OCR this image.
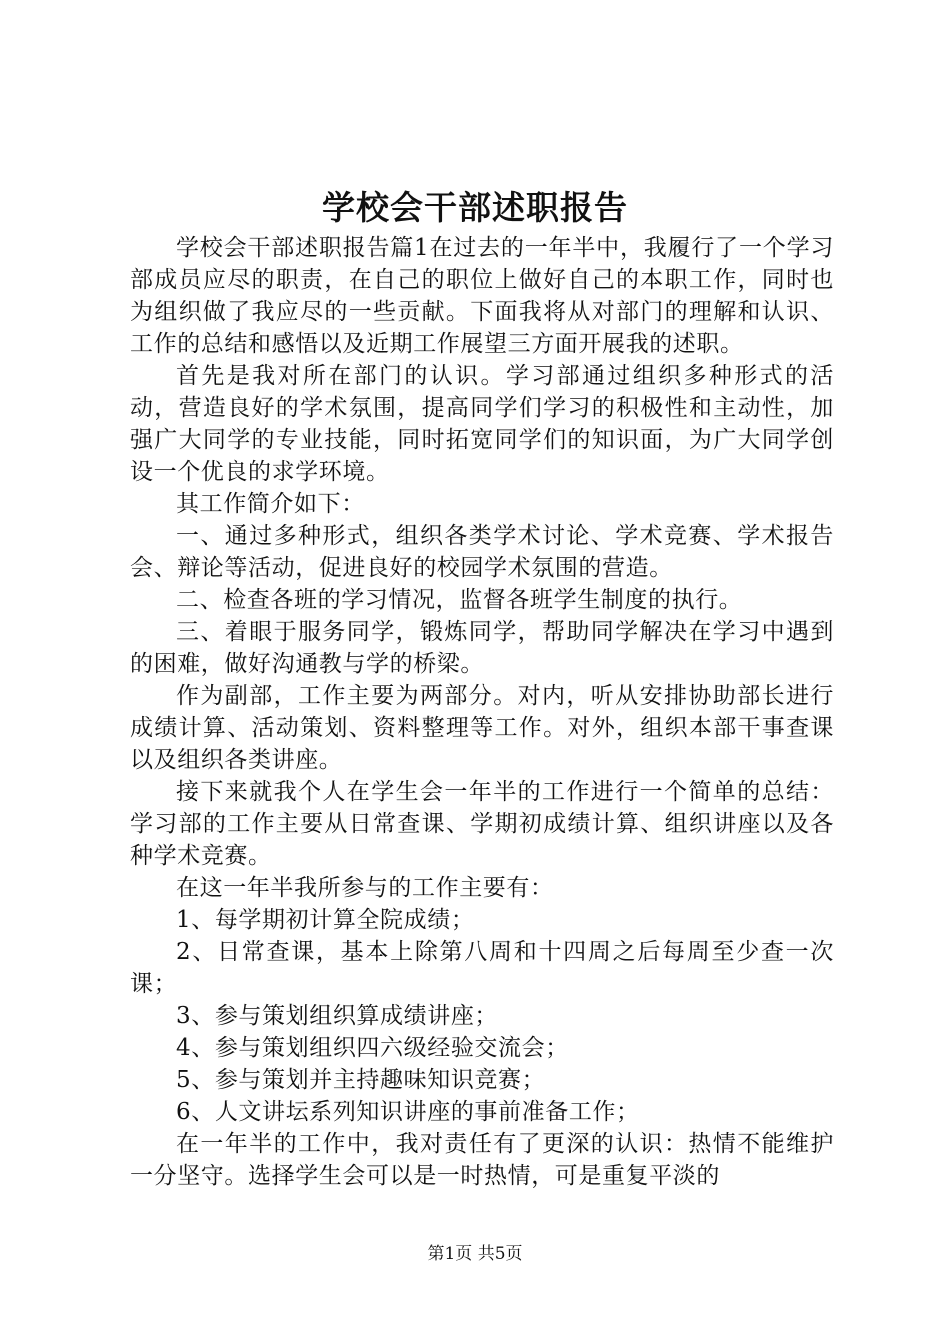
学校会干部述职报告

学校会干部述职报告篇1在过去的一年半中，我履行了一个学习部成员应尽的职责，在自己的职位上做好自己的本职工作，同时也为组织做了我应尽的一些贡献。下面我将从对部门的理解和认识、工作的总结和感悟以及近期工作展望三方面开展我的述职。

首先是我对所在部门的认识。学习部通过组织多种形式的活动，营造良好的学术氛围，提高同学们学习的积极性和主动性，加强广大同学的专业技能，同时拓宽同学们的知识面，为广大同学创设一个优良的求学环境。

其工作简介如下：

一、通过多种形式，组织各类学术讨论、学术竞赛、学术报告会、辩论等活动，促进良好的校园学术氛围的营造。

二、检查各班的学习情况，监督各班学生制度的执行。

三、着眼于服务同学，锻炼同学，帮助同学解决在学习中遇到的困难，做好沟通教与学的桥梁。

作为副部，工作主要为两部分。对内，听从安排协助部长进行成绩计算、活动策划、资料整理等工作。对外，组织本部干事查课以及组织各类讲座。

接下来就我个人在学生会一年半的工作进行一个简单的总结：学习部的工作主要从日常查课、学期初成绩计算、组织讲座以及各种学术竞赛。

在这一年半我所参与的工作主要有：

1、每学期初计算全院成绩；

2、日常查课，基本上除第八周和十四周之后每周至少查一次课；

3、参与策划组织算成绩讲座；

4、参与策划组织四六级经验交流会；

5、参与策划并主持趣味知识竞赛；

6、人文讲坛系列知识讲座的事前准备工作；

在一年半的工作中，我对责任有了更深的认识：热情不能维护一分坚守。选择学生会可以是一时热情，可是重复平淡的

第1页 共5页
